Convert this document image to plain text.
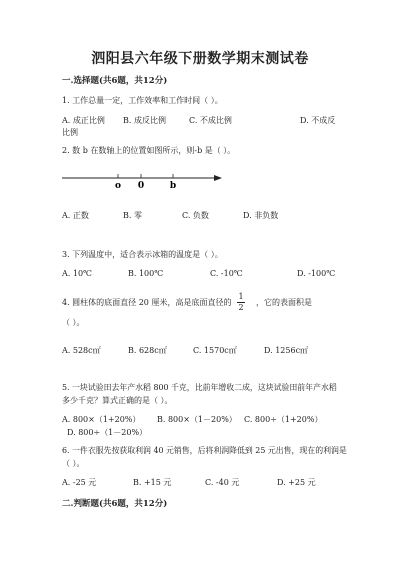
泗阳县六年级下册数学期末测试卷
一.选择题(共6题，共12分)
1. 工作总量一定，工作效率和工作时间（ ）。
A. 成正比例 B. 成反比例	C. 不成比例	D. 不成反
比例
2. 数 b 在数轴上的位置如图所示，则-b 是（ ）。
o 0	b
A. 正数	B. 零	C. 负数	D. 非负数
3. 下列温度中，适合表示冰箱的温度是（ ）。
A. 10℃	B. 100℃	C. -10℃	D. -100℃
4. 圆柱体的底面直径 20 厘米，高是底面直径的
1
2
，它的表面积是
（ ）。
A. 528c㎡	B. 628c㎡	C. 1570c㎡	D. 1256c㎡
5. 一块试验田去年产水稻 800 千克，比前年增收二成，这块试验田前年产水稻
多少千克？算式正确的是（ ）。
A. 800×（1+20%） B. 800×（1－20%） C. 800÷（1+20%）
D. 800÷（1－20%）
6. 一件衣服先按获取利润 40 元销售，后将利润降低到 25 元出售，现在的利润是
（ ）。
A. -25 元	B. +15 元	C. -40 元	D. +25 元
二.判断题(共6题，共12分)
